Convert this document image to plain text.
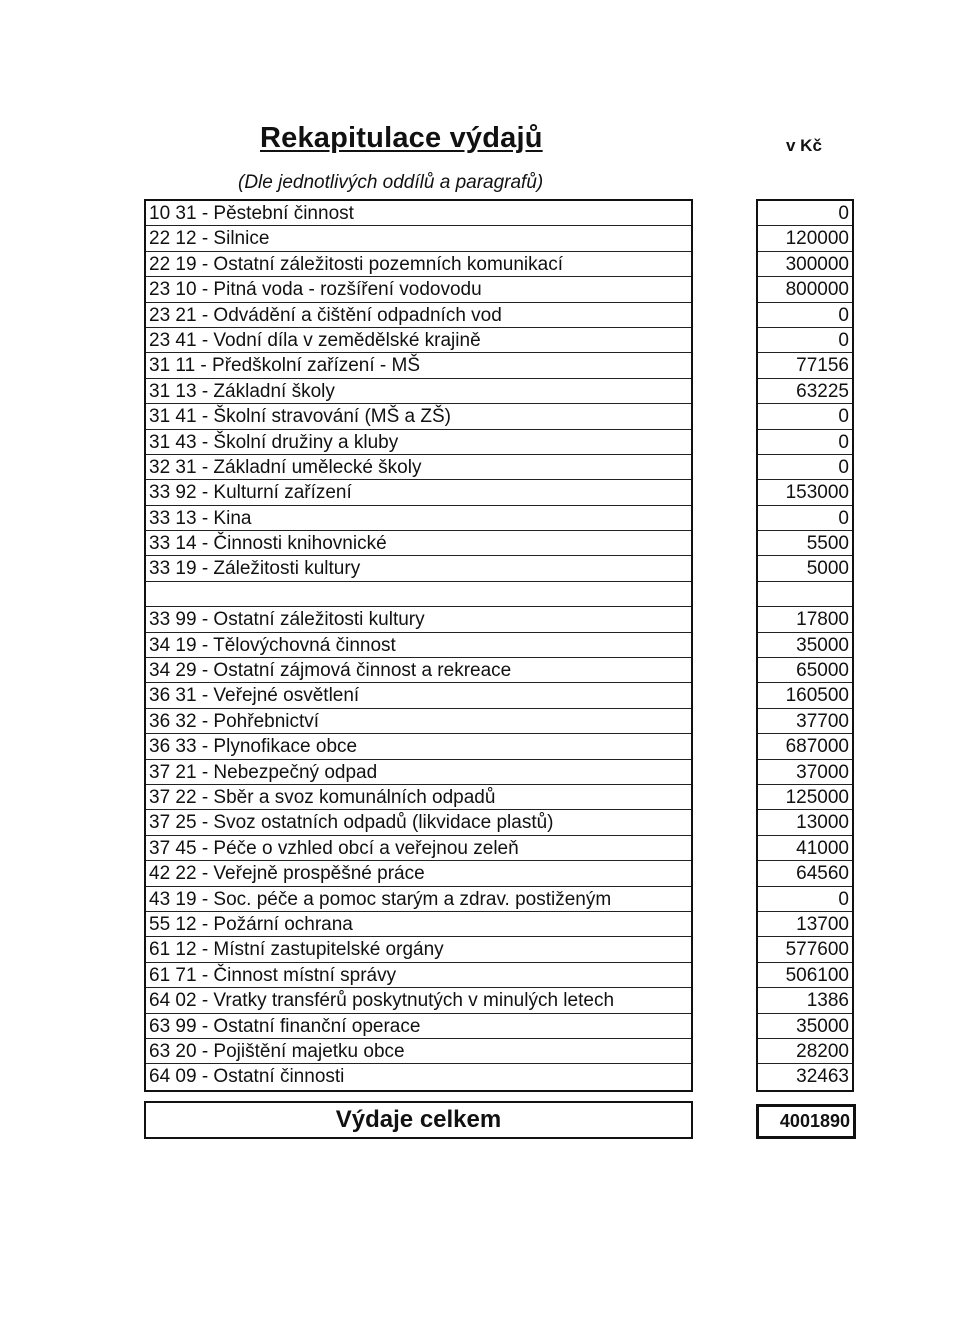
Rekapitulace výdajů	v Kč
(Dle jednotlivých oddílů a paragrafů)
10 31 - Pěstební činnost
22 12 - Silnice
22 19 - Ostatní záležitosti pozemních komunikací
23 10 - Pitná voda - rozšíření vodovodu
23 21 - Odvádění a čištění odpadních vod
23 41 - Vodní díla v zemědělské krajině
31 11 - Předškolní zařízení - MŠ
31 13 - Základní školy
31 41 - Školní stravování (MŠ a ZŠ)
31 43 - Školní družiny a kluby
32 31 - Základní umělecké školy
33 92 - Kulturní zařízení
33 13 - Kina
33 14 - Činnosti knihovnické
33 19 - Záležitosti kultury
33 99 - Ostatní záležitosti kultury
34 19 - Tělovýchovná činnost
34 29 - Ostatní zájmová činnost a rekreace
36 31 - Veřejné osvětlení
36 32 - Pohřebnictví
36 33 - Plynofikace obce
37 21 - Nebezpečný odpad
37 22 - Sběr a svoz komunálních odpadů
37 25 - Svoz ostatních odpadů (likvidace plastů)
37 45 - Péče o vzhled obcí a veřejnou zeleň
42 22 - Veřejně prospěšné práce
43 19 - Soc. péče a pomoc starým a zdrav. postiženým
55 12 - Požární ochrana
61 12 - Místní zastupitelské orgány
61 71 - Činnost místní správy
64 02 - Vratky transférů poskytnutých v minulých letech
63 99 - Ostatní finanční operace
63 20 - Pojištění majetku obce
64 09 - Ostatní činnosti
0
120000
300000
800000
0
0
77156
63225
0
0
0
153000
0
5500
5000
17800
35000
65000
160500
37700
687000
37000
125000
13000
41000
64560
0
13700
577600
506100
1386
35000
28200
32463
Výdaje celkem	4001890
